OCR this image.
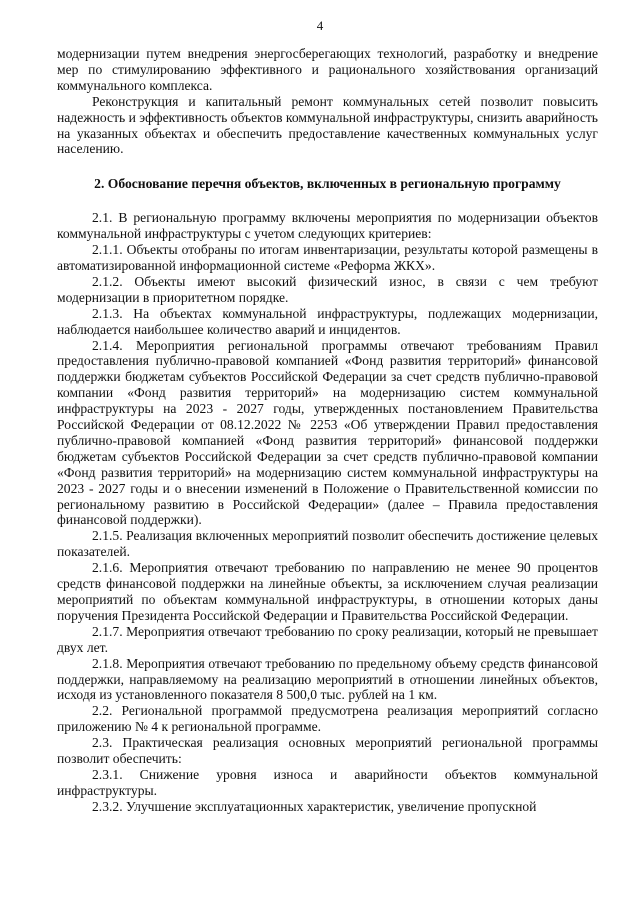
4

модернизации путем внедрения энергосберегающих технологий, разработку и внедрение мер по стимулированию эффективного и рационального хозяйствования организаций коммунального комплекса.

Реконструкция и капитальный ремонт коммунальных сетей позволит повысить надежность и эффективность объектов коммунальной инфраструктуры, снизить аварийность на указанных объектах и обеспечить предоставление качественных коммунальных услуг населению.

2. Обоснование перечня объектов, включенных в региональную программу

2.1. В региональную программу включены мероприятия по модернизации объектов коммунальной инфраструктуры с учетом следующих критериев:

2.1.1. Объекты отобраны по итогам инвентаризации, результаты которой размещены в автоматизированной информационной системе «Реформа ЖКХ».

2.1.2. Объекты имеют высокий физический износ, в связи с чем требуют модернизации в приоритетном порядке.

2.1.3. На объектах коммунальной инфраструктуры, подлежащих модернизации, наблюдается наибольшее количество аварий и инцидентов.

2.1.4. Мероприятия региональной программы отвечают требованиям Правил предоставления публично-правовой компанией «Фонд развития территорий» финансовой поддержки бюджетам субъектов Российской Федерации за счет средств публично-правовой компании «Фонд развития территорий» на модернизацию систем коммунальной инфраструктуры на 2023 - 2027 годы, утвержденных постановлением Правительства Российской Федерации от 08.12.2022 № 2253 «Об утверждении Правил предоставления публично-правовой компанией «Фонд развития территорий» финансовой поддержки бюджетам субъектов Российской Федерации за счет средств публично-правовой компании «Фонд развития территорий» на модернизацию систем коммунальной инфраструктуры на 2023 - 2027 годы и о внесении изменений в Положение о Правительственной комиссии по региональному развитию в Российской Федерации» (далее – Правила предоставления финансовой поддержки).

2.1.5. Реализация включенных мероприятий позволит обеспечить достижение целевых показателей.

2.1.6. Мероприятия отвечают требованию по направлению не менее 90 процентов средств финансовой поддержки на линейные объекты, за исключением случая реализации мероприятий по объектам коммунальной инфраструктуры, в отношении которых даны поручения Президента Российской Федерации и Правительства Российской Федерации.

2.1.7. Мероприятия отвечают требованию по сроку реализации, который не превышает двух лет.

2.1.8. Мероприятия отвечают требованию по предельному объему средств финансовой поддержки, направляемому на реализацию мероприятий в отношении линейных объектов, исходя из установленного показателя 8 500,0 тыс. рублей на 1 км.

2.2. Региональной программой предусмотрена реализация мероприятий согласно приложению № 4 к региональной программе.

2.3. Практическая реализация основных мероприятий региональной программы позволит обеспечить:

2.3.1. Снижение уровня износа и аварийности объектов коммунальной инфраструктуры.

2.3.2. Улучшение эксплуатационных характеристик, увеличение пропускной
